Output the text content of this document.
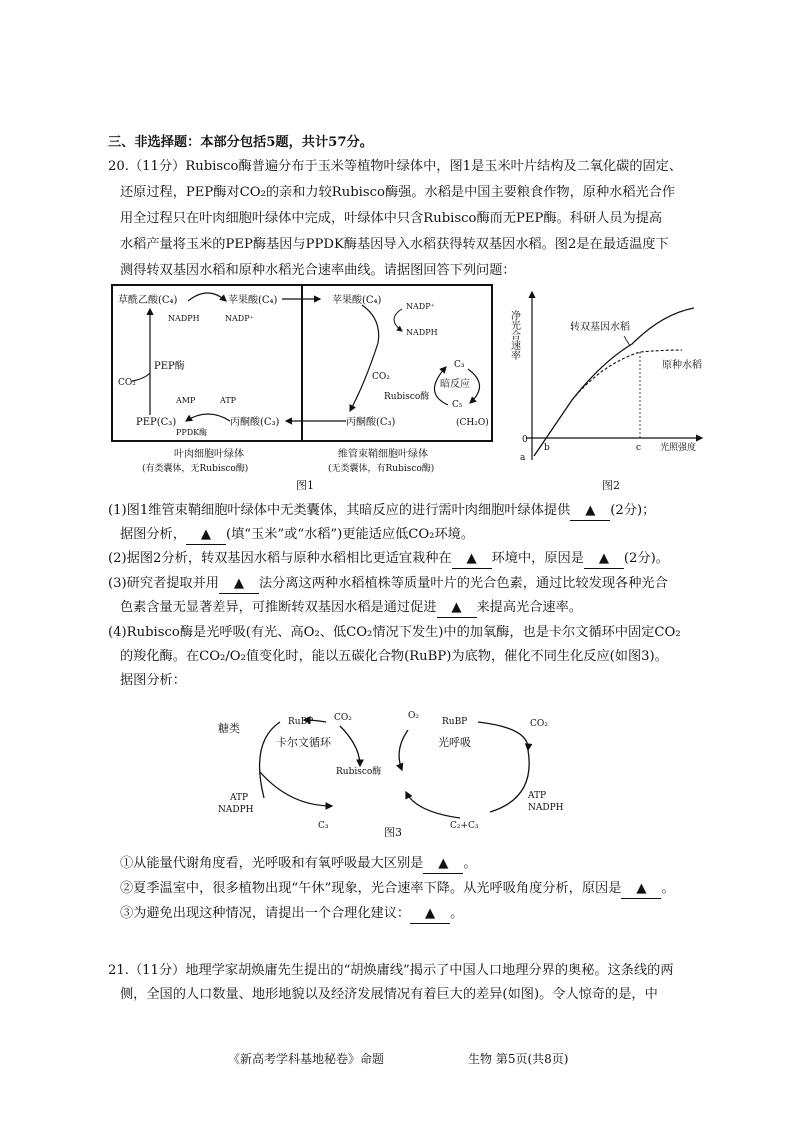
三、非选择题：本部分包括5题，共计57分。
20.（11分）Rubisco酶普遍分布于玉米等植物叶绿体中，图1是玉米叶片结构及二氧化碳的固定、
还原过程，PEP酶对CO₂的亲和力较Rubisco酶强。水稻是中国主要粮食作物，原种水稻光合作
用全过程只在叶肉细胞叶绿体中完成，叶绿体中只含Rubisco酶而无PEP酶。科研人员为提高
水稻产量将玉米的PEP酶基因与PPDK酶基因导入水稻获得转双基因水稻。图2是在最适温度下
测得转双基因水稻和原种水稻光合速率曲线。请据图回答下列问题：
草酰乙酸(C₄)	苹果酸(C₄)
NADPH	NADP⁺
PEP酶
CO₂
AMP	ATP
PEP(C₃)	丙酮酸(C₃)
PPDK酶
苹果酸(C₄)
NADP⁺
NADPH
CO₂
C₃
暗反应
Rubisco酶
C₅
(CH₂O)
丙酮酸(C₃)
叶肉细胞叶绿体
(有类囊体，无Rubisco酶)
维管束鞘细胞叶绿体
(无类囊体，有Rubisco酶)
图1
净光合速率
0
a
b	c 光照强度
转双基因水稻
原种水稻
图2
(1)图1维管束鞘细胞叶绿体中无类囊体，其暗反应的进行需叶肉细胞叶绿体提供 ▲ (2分)；
据图分析， ▲ (填“玉米”或“水稻”)更能适应低CO₂环境。
(2)据图2分析，转双基因水稻与原种水稻相比更适宜栽种在 ▲ 环境中，原因是 ▲ (2分)。
(3)研究者提取并用 ▲ 法分离这两种水稻植株等质量叶片的光合色素，通过比较发现各种光合
色素含量无显著差异，可推断转双基因水稻是通过促进 ▲ 来提高光合速率。
(4)Rubisco酶是光呼吸(有光、高O₂、低CO₂情况下发生)中的加氧酶，也是卡尔文循环中固定CO₂
的羧化酶。在CO₂/O₂值变化时，能以五碳化合物(RuBP)为底物，催化不同生化反应(如图3)。
据图分析：
糖类	RuBP CO₂
卡尔文循环
Rubisco酶
ATP
NADPH
C₃
O₂
RuBP	CO₂
光呼吸
ATP
NADPH
C₂+C₃
图3
①从能量代谢角度看，光呼吸和有氧呼吸最大区别是 ▲ 。
②夏季温室中，很多植物出现“午休”现象，光合速率下降。从光呼吸角度分析，原因是 ▲ 。
③为避免出现这种情况，请提出一个合理化建议： ▲ 。
21.（11分）地理学家胡焕庸先生提出的“胡焕庸线”揭示了中国人口地理分界的奥秘。这条线的两
侧，全国的人口数量、地形地貌以及经济发展情况有着巨大的差异(如图)。令人惊奇的是，中
《新高考学科基地秘卷》命题	生物 第5页(共8页)
